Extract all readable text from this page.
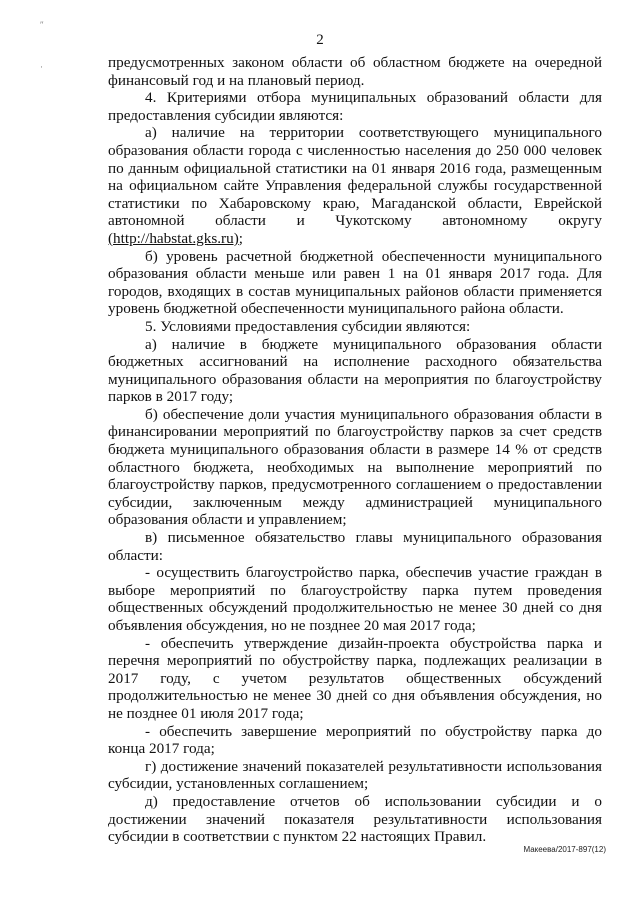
2
″
·	предусмотренных законом области об областном бюджете на очередной финансовый год и на плановый период.

4. Критериями отбора муниципальных образований области для предоставления субсидии являются:

а) наличие на территории соответствующего муниципального образования области города с численностью населения до 250 000 человек по данным официальной статистики на 01 января 2016 года, размещенным на официальном сайте Управления федеральной службы государственной статистики по Хабаровскому краю, Магаданской области, Еврейской автономной области и Чукотскому автономному округу (http://habstat.gks.ru);

б) уровень расчетной бюджетной обеспеченности муниципального образования области меньше или равен 1 на 01 января 2017 года. Для городов, входящих в состав муниципальных районов области применяется уровень бюджетной обеспеченности муниципального района области.

5. Условиями предоставления субсидии являются:

а) наличие в бюджете муниципального образования области бюджетных ассигнований на исполнение расходного обязательства муниципального образования области на мероприятия по благоустройству парков в 2017 году;

б) обеспечение доли участия муниципального образования области в финансировании мероприятий по благоустройству парков за счет средств бюджета муниципального образования области в размере 14 % от средств областного бюджета, необходимых на выполнение мероприятий по благоустройству парков, предусмотренного соглашением о предоставлении субсидии, заключенным между администрацией муниципального образования области и управлением;

в) письменное обязательство главы муниципального образования области:

- осуществить благоустройство парка, обеспечив участие граждан в выборе мероприятий по благоустройству парка путем проведения общественных обсуждений продолжительностью не менее 30 дней со дня объявления обсуждения, но не позднее 20 мая 2017 года;

- обеспечить утверждение дизайн-проекта обустройства парка и перечня мероприятий по обустройству парка, подлежащих реализации в 2017 году, с учетом результатов общественных обсуждений продолжительностью не менее 30 дней со дня объявления обсуждения, но не позднее 01 июля 2017 года;

- обеспечить завершение мероприятий по обустройству парка до конца 2017 года;

г) достижение значений показателей результативности использования субсидии, установленных соглашением;

д) предоставление отчетов об использовании субсидии и о достижении значений показателя результативности использования субсидии в соответствии с пунктом 22 настоящих Правил.

Макеева/2017-897(12)
